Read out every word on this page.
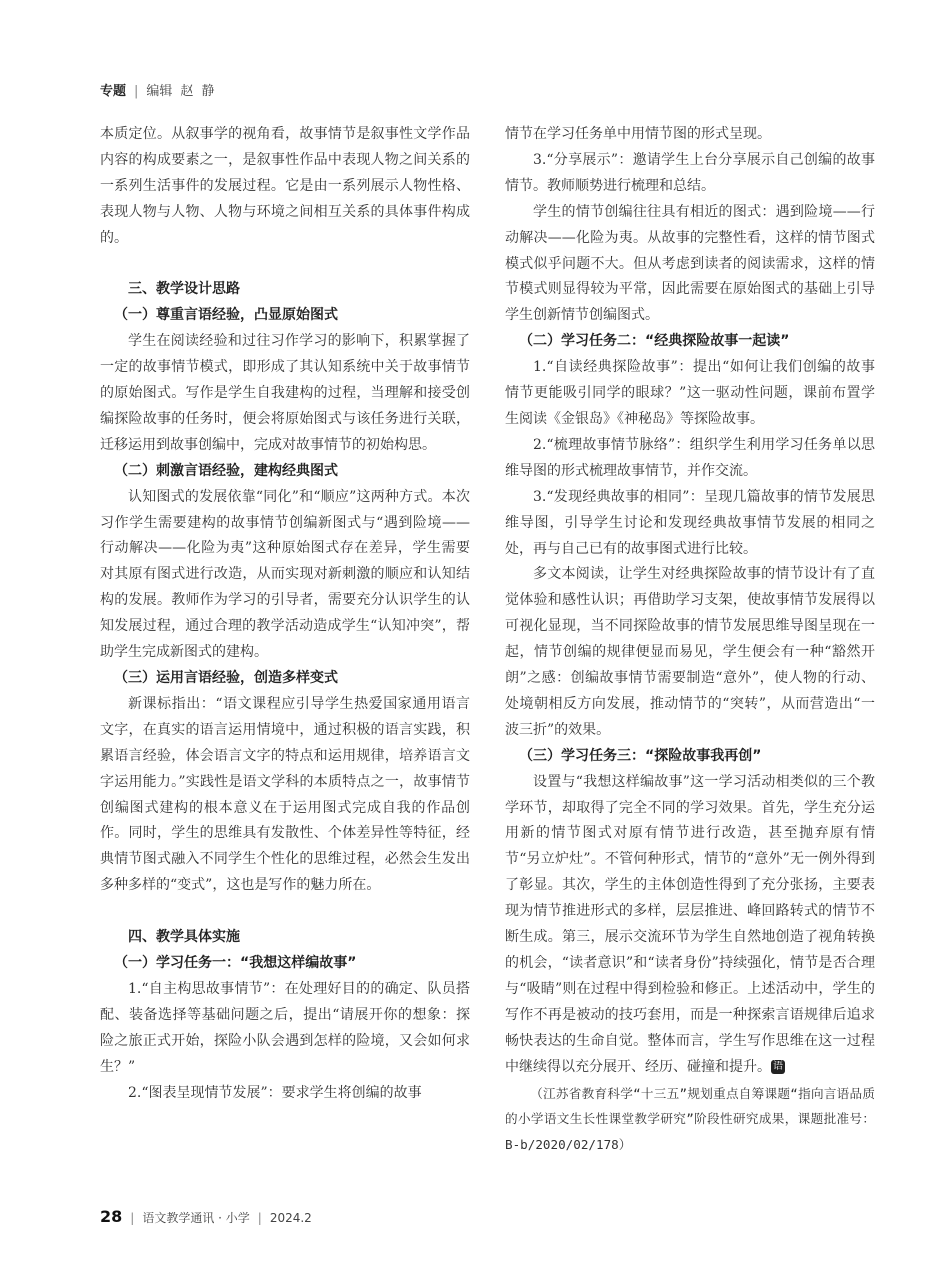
专题 | 编辑 赵 静

本质定位。从叙事学的视角看，故事情节是叙事性文学作品内容的构成要素之一，是叙事性作品中表现人物之间关系的一系列生活事件的发展过程。它是由一系列展示人物性格、表现人物与人物、人物与环境之间相互关系的具体事件构成的。

三、教学设计思路
（一）尊重言语经验，凸显原始图式

学生在阅读经验和过往习作学习的影响下，积累掌握了一定的故事情节模式，即形成了其认知系统中关于故事情节的原始图式。写作是学生自我建构的过程，当理解和接受创编探险故事的任务时，便会将原始图式与该任务进行关联，迁移运用到故事创编中，完成对故事情节的初始构思。

（二）刺激言语经验，建构经典图式

认知图式的发展依靠“同化”和“顺应”这两种方式。本次习作学生需要建构的故事情节创编新图式与“遇到险境——行动解决——化险为夷”这种原始图式存在差异，学生需要对其原有图式进行改造，从而实现对新刺激的顺应和认知结构的发展。教师作为学习的引导者，需要充分认识学生的认知发展过程，通过合理的教学活动造成学生“认知冲突”，帮助学生完成新图式的建构。

（三）运用言语经验，创造多样变式

新课标指出：“语文课程应引导学生热爱国家通用语言文字，在真实的语言运用情境中，通过积极的语言实践，积累语言经验，体会语言文字的特点和运用规律，培养语言文字运用能力。”实践性是语文学科的本质特点之一，故事情节创编图式建构的根本意义在于运用图式完成自我的作品创作。同时，学生的思维具有发散性、个体差异性等特征，经典情节图式融入不同学生个性化的思维过程，必然会生发出多种多样的“变式”，这也是写作的魅力所在。

四、教学具体实施
（一）学习任务一：“我想这样编故事”

1.“自主构思故事情节”：在处理好目的的确定、队员搭配、装备选择等基础问题之后，提出“请展开你的想象：探险之旅正式开始，探险小队会遇到怎样的险境，又会如何求生？”

2.“图表呈现情节发展”：要求学生将创编的故事

情节在学习任务单中用情节图的形式呈现。

3.“分享展示”：邀请学生上台分享展示自己创编的故事情节。教师顺势进行梳理和总结。

学生的情节创编往往具有相近的图式：遇到险境——行动解决——化险为夷。从故事的完整性看，这样的情节图式模式似乎问题不大。但从考虑到读者的阅读需求，这样的情节模式则显得较为平常，因此需要在原始图式的基础上引导学生创新情节创编图式。

（二）学习任务二：“经典探险故事一起读”

1.“自读经典探险故事”：提出“如何让我们创编的故事情节更能吸引同学的眼球？”这一驱动性问题，课前布置学生阅读《金银岛》《神秘岛》等探险故事。

2.“梳理故事情节脉络”：组织学生利用学习任务单以思维导图的形式梳理故事情节，并作交流。

3.“发现经典故事的相同”：呈现几篇故事的情节发展思维导图，引导学生讨论和发现经典故事情节发展的相同之处，再与自己已有的故事图式进行比较。

多文本阅读，让学生对经典探险故事的情节设计有了直觉体验和感性认识；再借助学习支架，使故事情节发展得以可视化显现，当不同探险故事的情节发展思维导图呈现在一起，情节创编的规律便显而易见，学生便会有一种“豁然开朗”之感：创编故事情节需要制造“意外”，使人物的行动、处境朝相反方向发展，推动情节的“突转”，从而营造出“一波三折”的效果。

（三）学习任务三：“探险故事我再创”

设置与“我想这样编故事”这一学习活动相类似的三个教学环节，却取得了完全不同的学习效果。首先，学生充分运用新的情节图式对原有情节进行改造，甚至抛弃原有情节“另立炉灶”。不管何种形式，情节的“意外”无一例外得到了彰显。其次，学生的主体创造性得到了充分张扬，主要表现为情节推进形式的多样，层层推进、峰回路转式的情节不断生成。第三，展示交流环节为学生自然地创造了视角转换的机会，“读者意识”和“读者身份”持续强化，情节是否合理与“吸睛”则在过程中得到检验和修正。上述活动中，学生的写作不再是被动的技巧套用，而是一种探索言语规律后追求畅快表达的生命自觉。整体而言，学生写作思维在这一过程中继续得以充分展开、经历、碰撞和提升。 语

（江苏省教育科学“十三五”规划重点自筹课题“指向言语品质的小学语文生长性课堂教学研究”阶段性研究成果，课题批准号：B-b/2020/02/178）

28 | 语文教学通讯 · 小学 | 2024.2
